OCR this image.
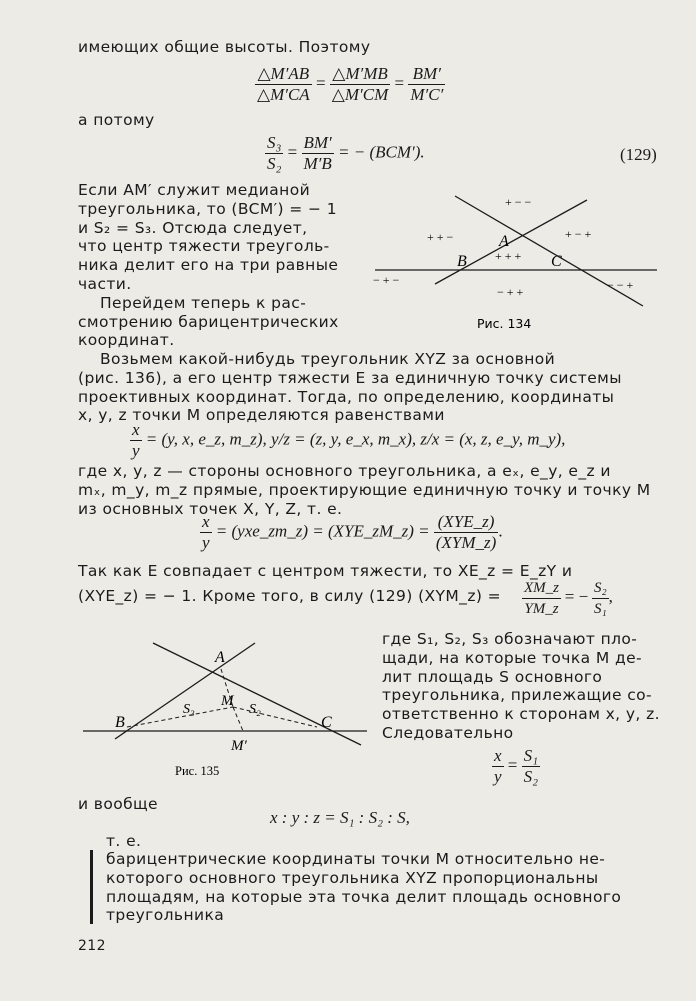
имеющих общие высоты. Поэтому
$\frac{\triangle M'AB}{\triangle M'CA} = \frac{\triangle M'MB}{\triangle M'CM} = \frac{BM'}{M'C'}$
а потому
$\frac{\text{S₃}}{\text{S₂}} = \frac{BM'}{M'B}$ = − (BCM′).	(129)
Если AM′ служит медианой
треугольника, то (BCM′) = − 1
и S₂ = S₃. Отсюда следует,
что центр тяжести треуголь-
ника делит его на три равные
части.
Перейдем теперь к рас-
смотрению барицентрических
координат.
A
B	C
+ − −
+ + −
+ + +
+ − +
− + −
− + +	− − +
Рис. 134
Возьмем какой-нибудь треугольник XYZ за основной
(рис. 136), а его центр тяжести E за единичную точку системы
проективных координат. Тогда, по определению, координаты
x, y, z точки M определяются равенствами
$\frac{x}{y} = (y$, x, e_z, m_z), y/z = (z, y, e_x, m_x), z/x = (x, z, e_y, m_y),
где x, y, z — стороны основного треугольника, а eₓ, e_y, e_z и
mₓ, m_y, m_z прямые, проектирующие единичную точку и точку M
из основных точек X, Y, Z, т. е.
$\frac{x}{y}$ = (yxe_zm_z) = (XYE_zM_z) = $\frac{\text{(XYE\_z)}}{\text{(XYM\_z)}}$ .
Так как E совпадает с центром тяжести, то XE_z = E_zY и
(XYE_z) = − 1. Кроме того, в силу (129) (XYM_z) =	$\frac{XM\_z}{YM\_z}$ = − $\frac{\text{S₂}}{\text{S₁}}$ ,
A
B	C
M
M′
S₃	S₂
Рис. 135
где S₁, S₂, S₃ обозначают пло-
щади, на которые точка M де-
лит площадь S основного
треугольника, прилежащие со-
ответственно к сторонам x, y, z.
Следовательно
$\frac{x}{y} = \frac{\text{S₁}}{\text{S₂}}$
и вообще
x : y : z = S₁ : S₂ : S,
т. е.
барицентрические координаты точки M относительно не-
которого основного треугольника XYZ пропорциональны
площадям, на которые эта точка делит площадь основного
треугольника
212
